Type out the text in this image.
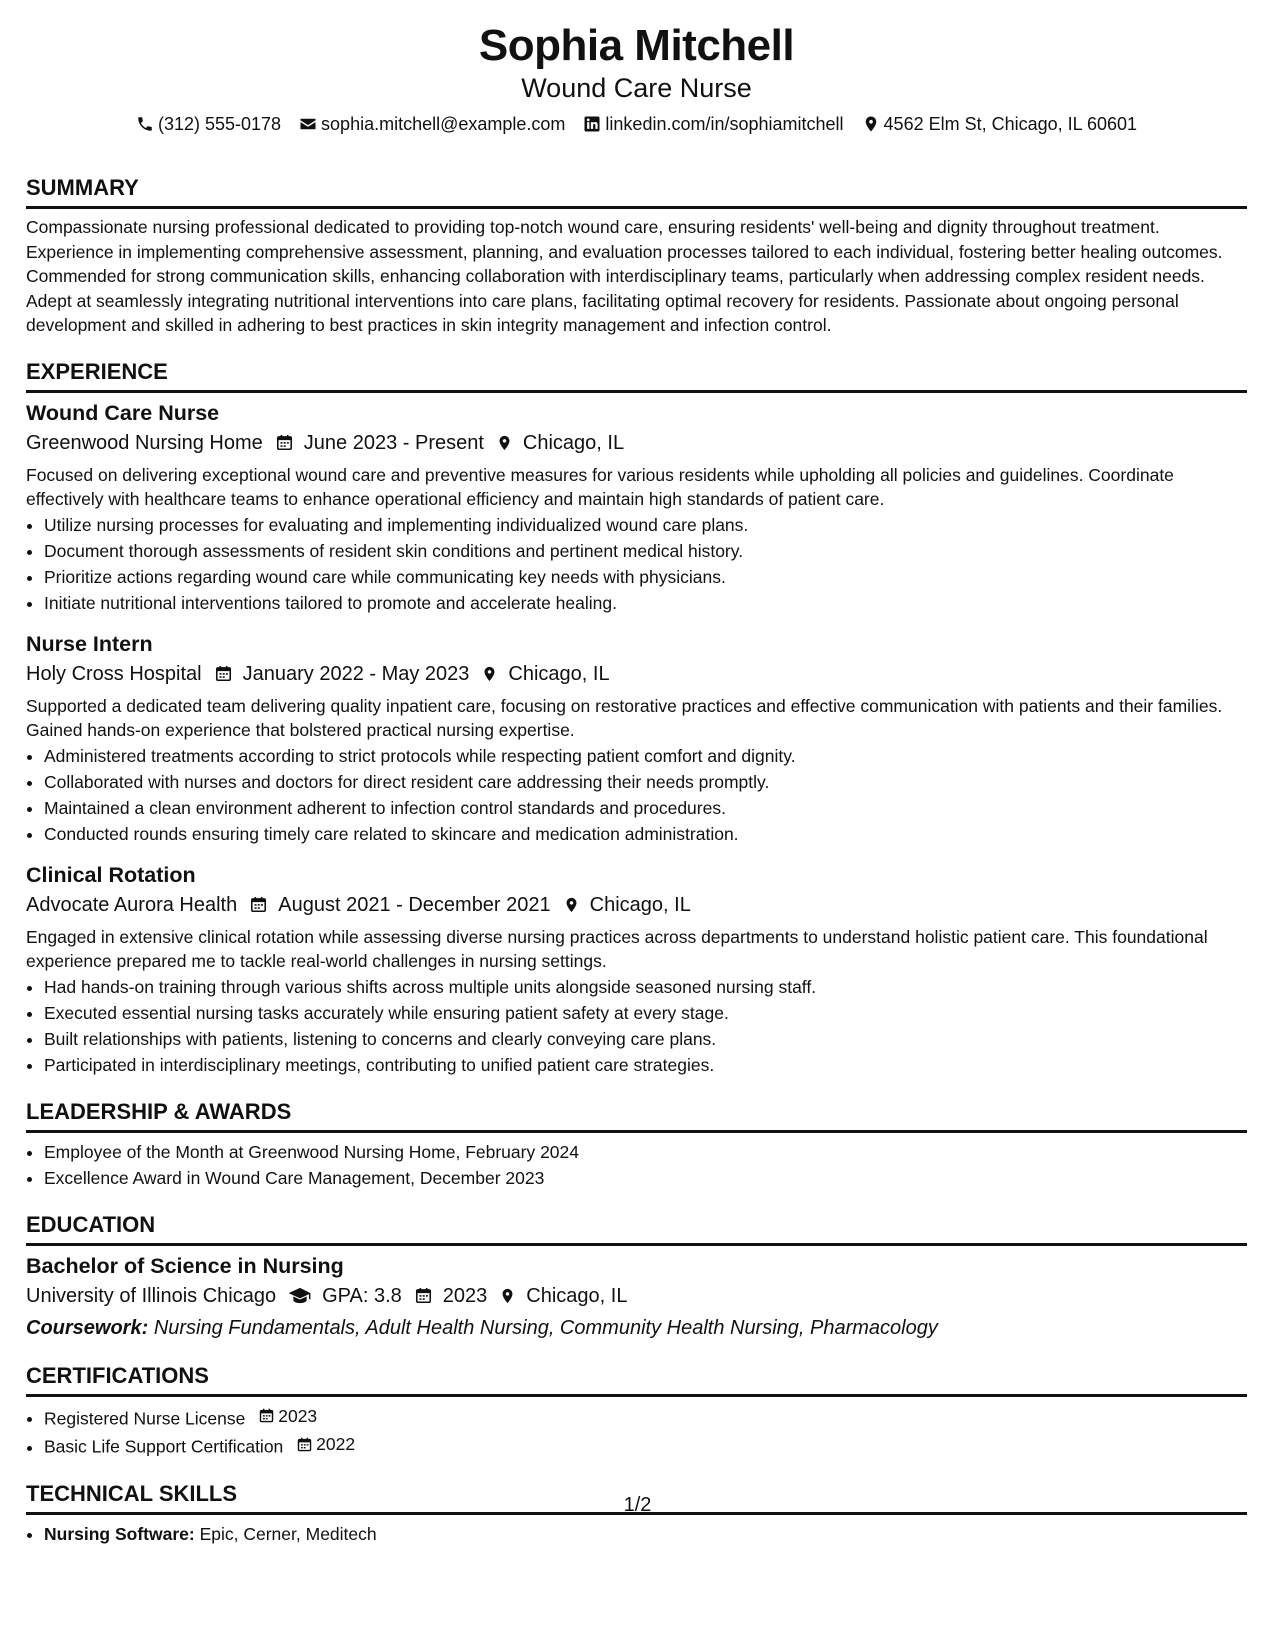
Sophia Mitchell
Wound Care Nurse
(312) 555-0178 sophia.mitchell@example.com linkedin.com/in/sophiamitchell 4562 Elm St, Chicago, IL 60601
SUMMARY

Compassionate nursing professional dedicated to providing top-notch wound care, ensuring residents' well-being and dignity throughout treatment. Experience in implementing comprehensive assessment, planning, and evaluation processes tailored to each individual, fostering better healing outcomes. Commended for strong communication skills, enhancing collaboration with interdisciplinary teams, particularly when addressing complex resident needs. Adept at seamlessly integrating nutritional interventions into care plans, facilitating optimal recovery for residents. Passionate about ongoing personal development and skilled in adhering to best practices in skin integrity management and infection control.

EXPERIENCE
Wound Care Nurse
Greenwood Nursing Home June 2023 - Present Chicago, IL

Focused on delivering exceptional wound care and preventive measures for various residents while upholding all policies and guidelines. Coordinate effectively with healthcare teams to enhance operational efficiency and maintain high standards of patient care.

• Utilize nursing processes for evaluating and implementing individualized wound care plans.
• Document thorough assessments of resident skin conditions and pertinent medical history.
• Prioritize actions regarding wound care while communicating key needs with physicians.
• Initiate nutritional interventions tailored to promote and accelerate healing.
Nurse Intern
Holy Cross Hospital January 2022 - May 2023 Chicago, IL

Supported a dedicated team delivering quality inpatient care, focusing on restorative practices and effective communication with patients and their families. Gained hands-on experience that bolstered practical nursing expertise.

• Administered treatments according to strict protocols while respecting patient comfort and dignity.
• Collaborated with nurses and doctors for direct resident care addressing their needs promptly.
• Maintained a clean environment adherent to infection control standards and procedures.
• Conducted rounds ensuring timely care related to skincare and medication administration.
Clinical Rotation
Advocate Aurora Health August 2021 - December 2021 Chicago, IL

Engaged in extensive clinical rotation while assessing diverse nursing practices across departments to understand holistic patient care. This foundational experience prepared me to tackle real-world challenges in nursing settings.

• Had hands-on training through various shifts across multiple units alongside seasoned nursing staff.
• Executed essential nursing tasks accurately while ensuring patient safety at every stage.
• Built relationships with patients, listening to concerns and clearly conveying care plans.
• Participated in interdisciplinary meetings, contributing to unified patient care strategies.
LEADERSHIP & AWARDS
• Employee of the Month at Greenwood Nursing Home, February 2024
• Excellence Award in Wound Care Management, December 2023
EDUCATION
Bachelor of Science in Nursing
University of Illinois Chicago GPA: 3.8 2023 Chicago, IL
Coursework: Nursing Fundamentals, Adult Health Nursing, Community Health Nursing, Pharmacology
CERTIFICATIONS
• Registered Nurse License 2023
• Basic Life Support Certification 2022
TECHNICAL SKILLS
• Nursing Software: Epic, Cerner, Meditech
1/2
